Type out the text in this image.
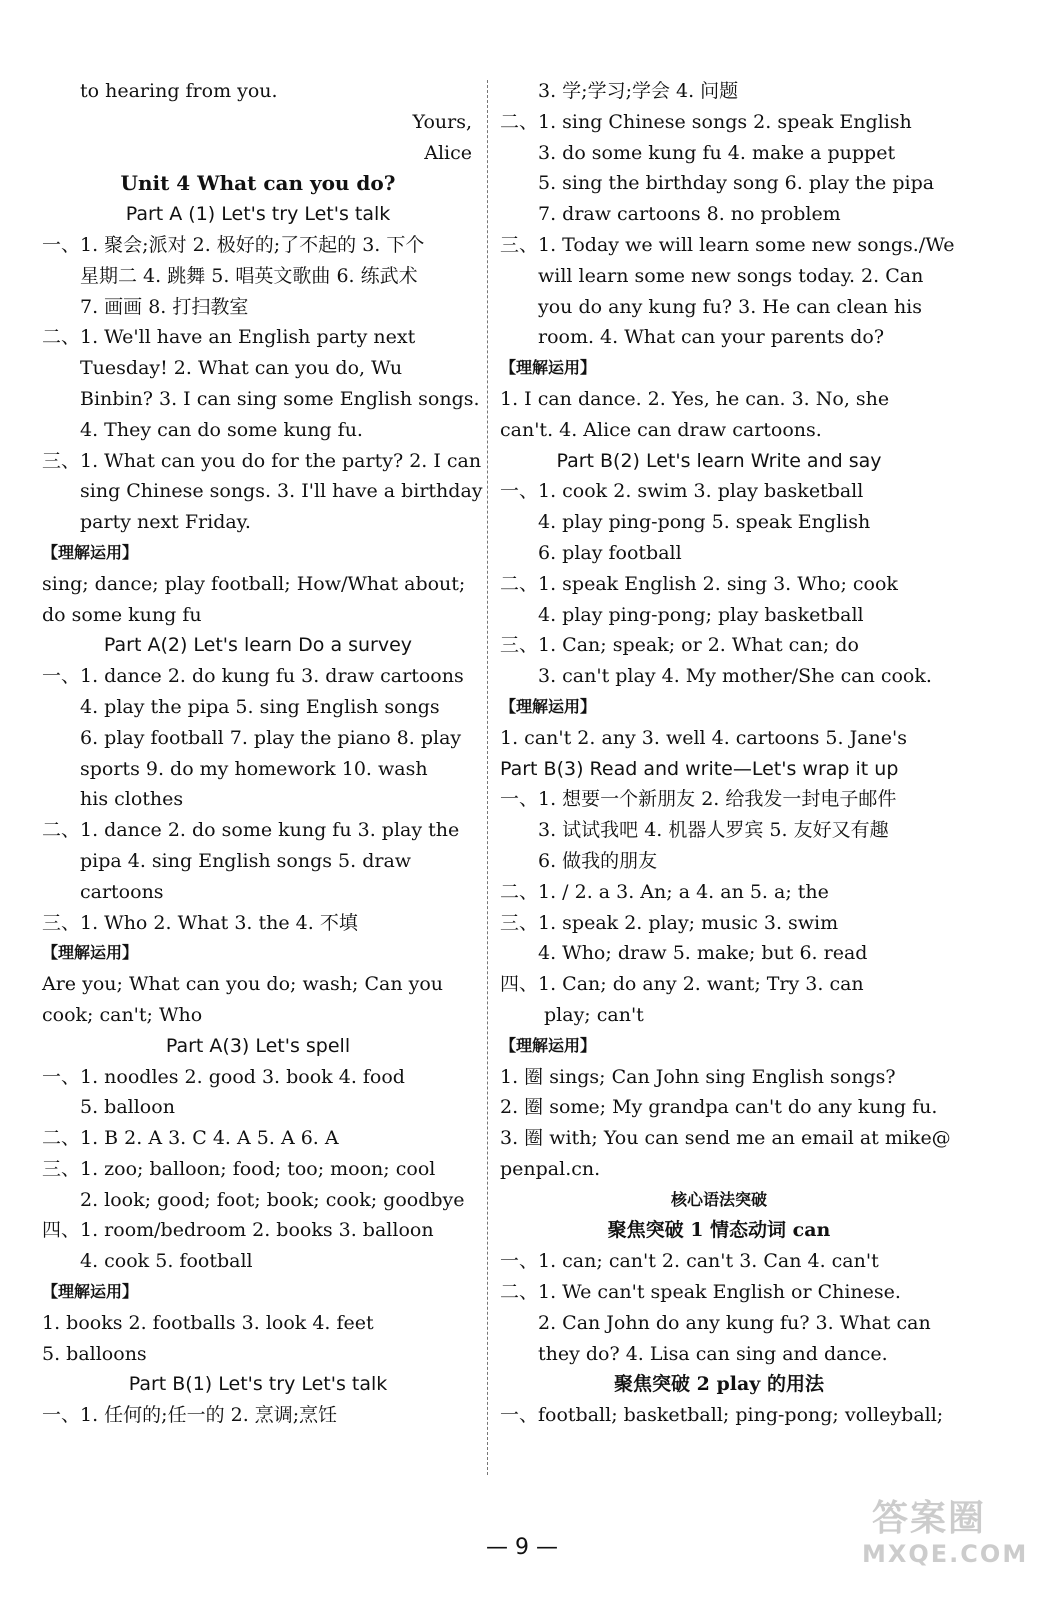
to hearing from you.
Yours,
Alice
Unit 4 What can you do?
Part A (1) Let's try Let's talk
一、1. 聚会;派对 2. 极好的;了不起的 3. 下个
星期二 4. 跳舞 5. 唱英文歌曲 6. 练武术
7. 画画 8. 打扫教室
二、1. We'll have an English party next
Tuesday! 2. What can you do, Wu
Binbin? 3. I can sing some English songs.
4. They can do some kung fu.
三、1. What can you do for the party? 2. I can
sing Chinese songs. 3. I'll have a birthday
party next Friday.
【理解运用】
sing; dance; play football; How/What about;
do some kung fu
Part A(2) Let's learn Do a survey
一、1. dance 2. do kung fu 3. draw cartoons
4. play the pipa 5. sing English songs
6. play football 7. play the piano 8. play
sports 9. do my homework 10. wash
his clothes
二、1. dance 2. do some kung fu 3. play the
pipa 4. sing English songs 5. draw
cartoons
三、1. Who 2. What 3. the 4. 不填
【理解运用】
Are you; What can you do; wash; Can you
cook; can't; Who
Part A(3) Let's spell
一、1. noodles 2. good 3. book 4. food
5. balloon
二、1. B 2. A 3. C 4. A 5. A 6. A
三、1. zoo; balloon; food; too; moon; cool
2. look; good; foot; book; cook; goodbye
四、1. room/bedroom 2. books 3. balloon
4. cook 5. football
【理解运用】
1. books 2. footballs 3. look 4. feet
5. balloons
Part B(1) Let's try Let's talk
一、1. 任何的;任一的 2. 烹调;烹饪
3. 学;学习;学会 4. 问题
二、1. sing Chinese songs 2. speak English
3. do some kung fu 4. make a puppet
5. sing the birthday song 6. play the pipa
7. draw cartoons 8. no problem
三、1. Today we will learn some new songs./We
will learn some new songs today. 2. Can
you do any kung fu? 3. He can clean his
room. 4. What can your parents do?
【理解运用】
1. I can dance. 2. Yes, he can. 3. No, she
can't. 4. Alice can draw cartoons.
Part B(2) Let's learn Write and say
一、1. cook 2. swim 3. play basketball
4. play ping-pong 5. speak English
6. play football
二、1. speak English 2. sing 3. Who; cook
4. play ping-pong; play basketball
三、1. Can; speak; or 2. What can; do
3. can't play 4. My mother/She can cook.
【理解运用】
1. can't 2. any 3. well 4. cartoons 5. Jane's
Part B(3) Read and write—Let's wrap it up
一、1. 想要一个新朋友 2. 给我发一封电子邮件
3. 试试我吧 4. 机器人罗宾 5. 友好又有趣
6. 做我的朋友
二、1. / 2. a 3. An; a 4. an 5. a; the
三、1. speak 2. play; music 3. swim
4. Who; draw 5. make; but 6. read
四、1. Can; do any 2. want; Try 3. can
play; can't
【理解运用】
1. 圈 sings; Can John sing English songs?
2. 圈 some; My grandpa can't do any kung fu.
3. 圈 with; You can send me an email at mike@
penpal.cn.
核心语法突破
聚焦突破 1 情态动词 can
一、1. can; can't 2. can't 3. Can 4. can't
二、1. We can't speak English or Chinese.
2. Can John do any kung fu? 3. What can
they do? 4. Lisa can sing and dance.
聚焦突破 2 play 的用法
一、football; basketball; ping-pong; volleyball;
— 9 —
答案圈
MXQE.COM
